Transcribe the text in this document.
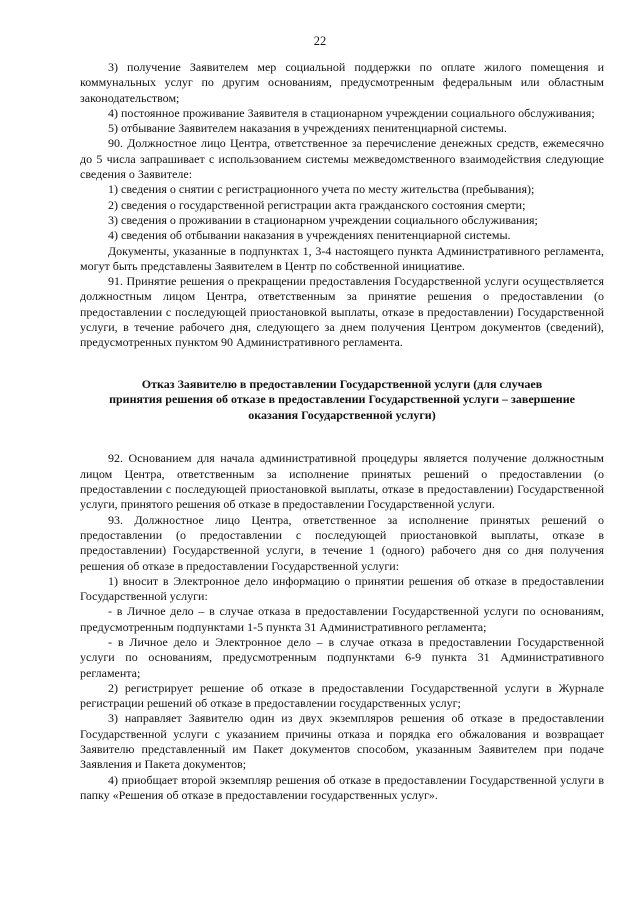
22

3) получение Заявителем мер социальной поддержки по оплате жилого помещения и коммунальных услуг по другим основаниям, предусмотренным федеральным или областным законодательством;

4) постоянное проживание Заявителя в стационарном учреждении социального обслуживания;

5) отбывание Заявителем наказания в учреждениях пенитенциарной системы.

90. Должностное лицо Центра, ответственное за перечисление денежных средств, ежемесячно до 5 числа запрашивает с использованием системы межведомственного взаимодействия следующие сведения о Заявителе:

1) сведения о снятии с регистрационного учета по месту жительства (пребывания);

2) сведения о государственной регистрации акта гражданского состояния смерти;

3) сведения о проживании в стационарном учреждении социального обслуживания;

4) сведения об отбывании наказания в учреждениях пенитенциарной системы.

Документы, указанные в подпунктах 1, 3-4 настоящего пункта Административного регламента, могут быть представлены Заявителем в Центр по собственной инициативе.

91. Принятие решения о прекращении предоставления Государственной услуги осуществляется должностным лицом Центра, ответственным за принятие решения о предоставлении (о предоставлении с последующей приостановкой выплаты, отказе в предоставлении) Государственной услуги, в течение рабочего дня, следующего за днем получения Центром документов (сведений), предусмотренных пунктом 90 Административного регламента.

Отказ Заявителю в предоставлении Государственной услуги (для случаев
принятия решения об отказе в предоставлении Государственной услуги – завершение
оказания Государственной услуги)

92. Основанием для начала административной процедуры является получение должностным лицом Центра, ответственным за исполнение принятых решений о предоставлении (о предоставлении с последующей приостановкой выплаты, отказе в предоставлении) Государственной услуги, принятого решения об отказе в предоставлении Государственной услуги.

93. Должностное лицо Центра, ответственное за исполнение принятых решений о предоставлении (о предоставлении с последующей приостановкой выплаты, отказе в предоставлении) Государственной услуги, в течение 1 (одного) рабочего дня со дня получения решения об отказе в предоставлении Государственной услуги:

1) вносит в Электронное дело информацию о принятии решения об отказе в предоставлении Государственной услуги:

- в Личное дело – в случае отказа в предоставлении Государственной услуги по основаниям, предусмотренным подпунктами 1-5 пункта 31 Административного регламента;

- в Личное дело и Электронное дело – в случае отказа в предоставлении Государственной услуги по основаниям, предусмотренным подпунктами 6-9 пункта 31 Административного регламента;

2) регистрирует решение об отказе в предоставлении Государственной услуги в Журнале регистрации решений об отказе в предоставлении государственных услуг;

3) направляет Заявителю один из двух экземпляров решения об отказе в предоставлении Государственной услуги с указанием причины отказа и порядка его обжалования и возвращает Заявителю представленный им Пакет документов способом, указанным Заявителем при подаче Заявления и Пакета документов;

4) приобщает второй экземпляр решения об отказе в предоставлении Государственной услуги в папку «Решения об отказе в предоставлении государственных услуг».
